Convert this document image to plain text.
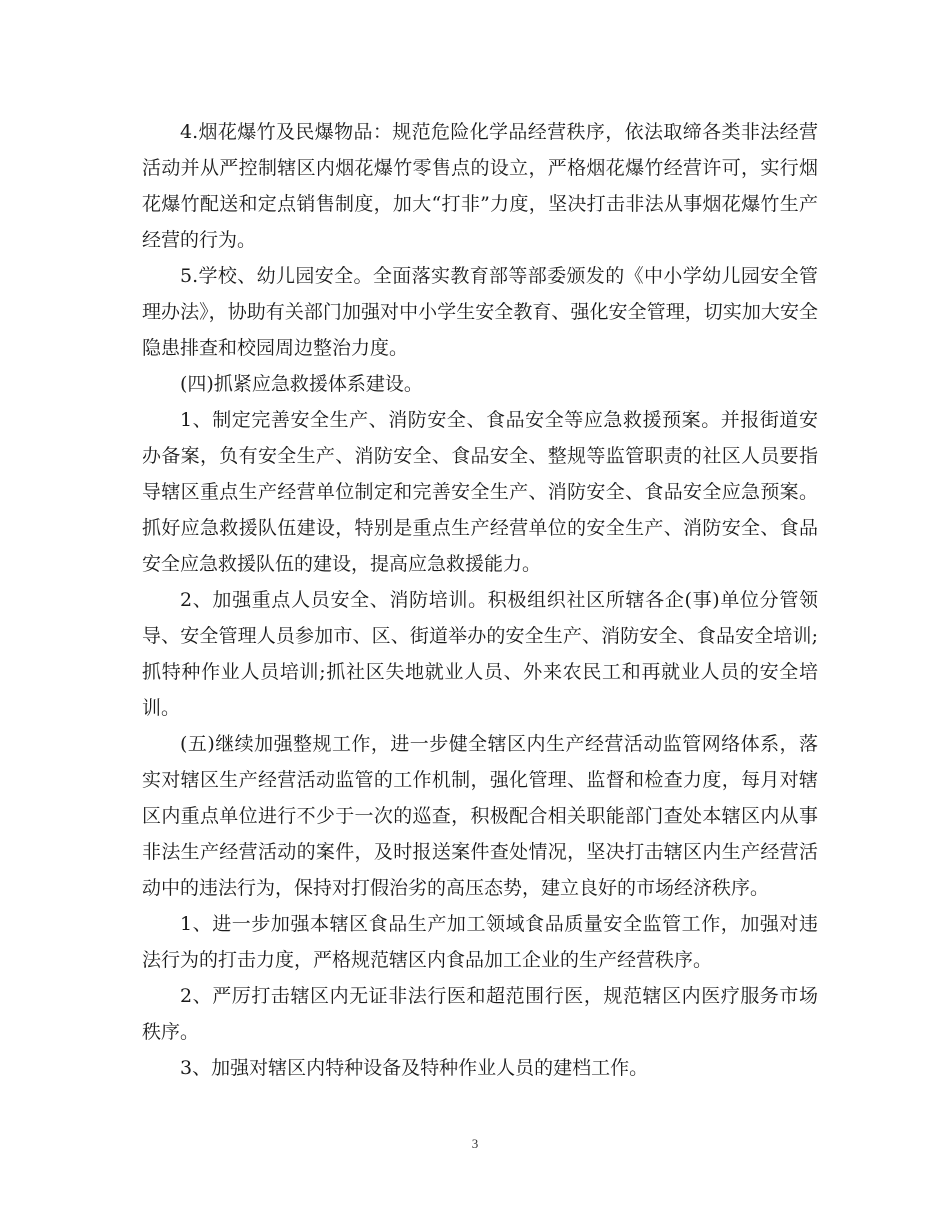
4.烟花爆竹及民爆物品：规范危险化学品经营秩序，依法取缔各类非法经营活动并从严控制辖区内烟花爆竹零售点的设立，严格烟花爆竹经营许可，实行烟花爆竹配送和定点销售制度，加大“打非”力度，坚决打击非法从事烟花爆竹生产经营的行为。

5.学校、幼儿园安全。全面落实教育部等部委颁发的《中小学幼儿园安全管理办法》，协助有关部门加强对中小学生安全教育、强化安全管理，切实加大安全隐患排查和校园周边整治力度。

(四)抓紧应急救援体系建设。

1、制定完善安全生产、消防安全、食品安全等应急救援预案。并报街道安办备案，负有安全生产、消防安全、食品安全、整规等监管职责的社区人员要指导辖区重点生产经营单位制定和完善安全生产、消防安全、食品安全应急预案。抓好应急救援队伍建设，特别是重点生产经营单位的安全生产、消防安全、食品安全应急救援队伍的建设，提高应急救援能力。

2、加强重点人员安全、消防培训。积极组织社区所辖各企(事)单位分管领导、安全管理人员参加市、区、街道举办的安全生产、消防安全、食品安全培训;抓特种作业人员培训;抓社区失地就业人员、外来农民工和再就业人员的安全培训。

(五)继续加强整规工作，进一步健全辖区内生产经营活动监管网络体系，落实对辖区生产经营活动监管的工作机制，强化管理、监督和检查力度，每月对辖区内重点单位进行不少于一次的巡查，积极配合相关职能部门查处本辖区内从事非法生产经营活动的案件，及时报送案件查处情况，坚决打击辖区内生产经营活动中的违法行为，保持对打假治劣的高压态势，建立良好的市场经济秩序。

1、进一步加强本辖区食品生产加工领域食品质量安全监管工作，加强对违法行为的打击力度，严格规范辖区内食品加工企业的生产经营秩序。

2、严厉打击辖区内无证非法行医和超范围行医，规范辖区内医疗服务市场秩序。

3、加强对辖区内特种设备及特种作业人员的建档工作。

3
